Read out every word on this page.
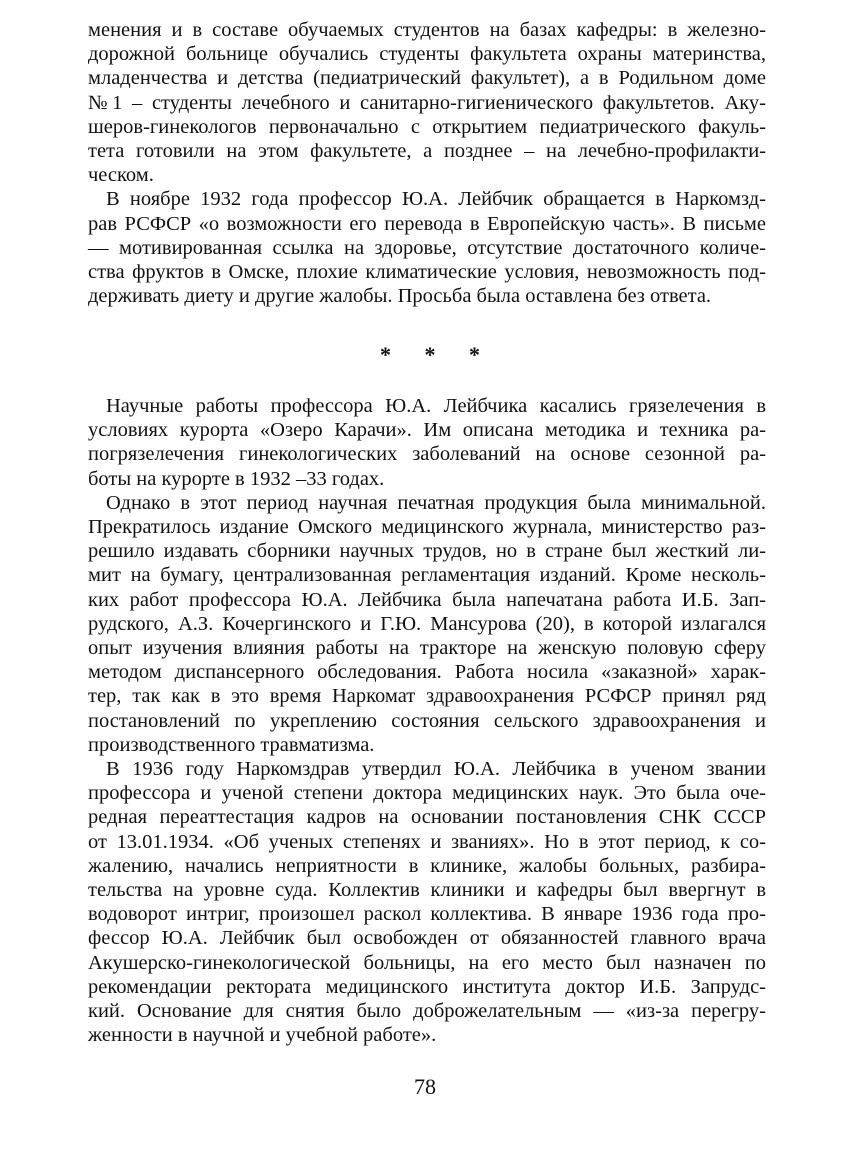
менения и в составе обучаемых студентов на базах кафедры: в железно-
дорожной больнице обучались студенты факультета охраны материнства,
младенчества и детства (педиатрический факультет), а в Родильном доме
№1 – студенты лечебного и санитарно-гигиенического факультетов. Аку-
шеров-гинекологов первоначально с открытием педиатрического факуль-
тета готовили на этом факультете, а позднее – на лечебно-профилакти-
ческом.
В ноябре 1932 года профессор Ю.А. Лейбчик обращается в Наркомзд-
рав РСФСР «о возможности его перевода в Европейскую часть». В письме
— мотивированная ссылка на здоровье, отсутствие достаточного количе-
ства фруктов в Омске, плохие климатические условия, невозможность под-
держивать диету и другие жалобы. Просьба была оставлена без ответа.
* * *
Научные работы профессора Ю.А. Лейбчика касались грязелечения в
условиях курорта «Озеро Карачи». Им описана методика и техника ра-
погрязелечения гинекологических заболеваний на основе сезонной ра-
боты на курорте в 1932 –33 годах.
Однако в этот период научная печатная продукция была минимальной.
Прекратилось издание Омского медицинского журнала, министерство раз-
решило издавать сборники научных трудов, но в стране был жесткий ли-
мит на бумагу, централизованная регламентация изданий. Кроме несколь-
ких работ профессора Ю.А. Лейбчика была напечатана работа И.Б. Зап-
рудского, А.З. Кочергинского и Г.Ю. Мансурова (20), в которой излагался
опыт изучения влияния работы на тракторе на женскую половую сферу
методом диспансерного обследования. Работа носила «заказной» харак-
тер, так как в это время Наркомат здравоохранения РСФСР принял ряд
постановлений по укреплению состояния сельского здравоохранения и
производственного травматизма.
В 1936 году Наркомздрав утвердил Ю.А. Лейбчика в ученом звании
профессора и ученой степени доктора медицинских наук. Это была оче-
редная переаттестация кадров на основании постановления СНК СССР
от 13.01.1934. «Об ученых степенях и званиях». Но в этот период, к со-
жалению, начались неприятности в клинике, жалобы больных, разбира-
тельства на уровне суда. Коллектив клиники и кафедры был ввергнут в
водоворот интриг, произошел раскол коллектива. В январе 1936 года про-
фессор Ю.А. Лейбчик был освобожден от обязанностей главного врача
Акушерско-гинекологической больницы, на его место был назначен по
рекомендации ректората медицинского института доктор И.Б. Запрудс-
кий. Основание для снятия было доброжелательным — «из-за перегру-
женности в научной и учебной работе».
78
